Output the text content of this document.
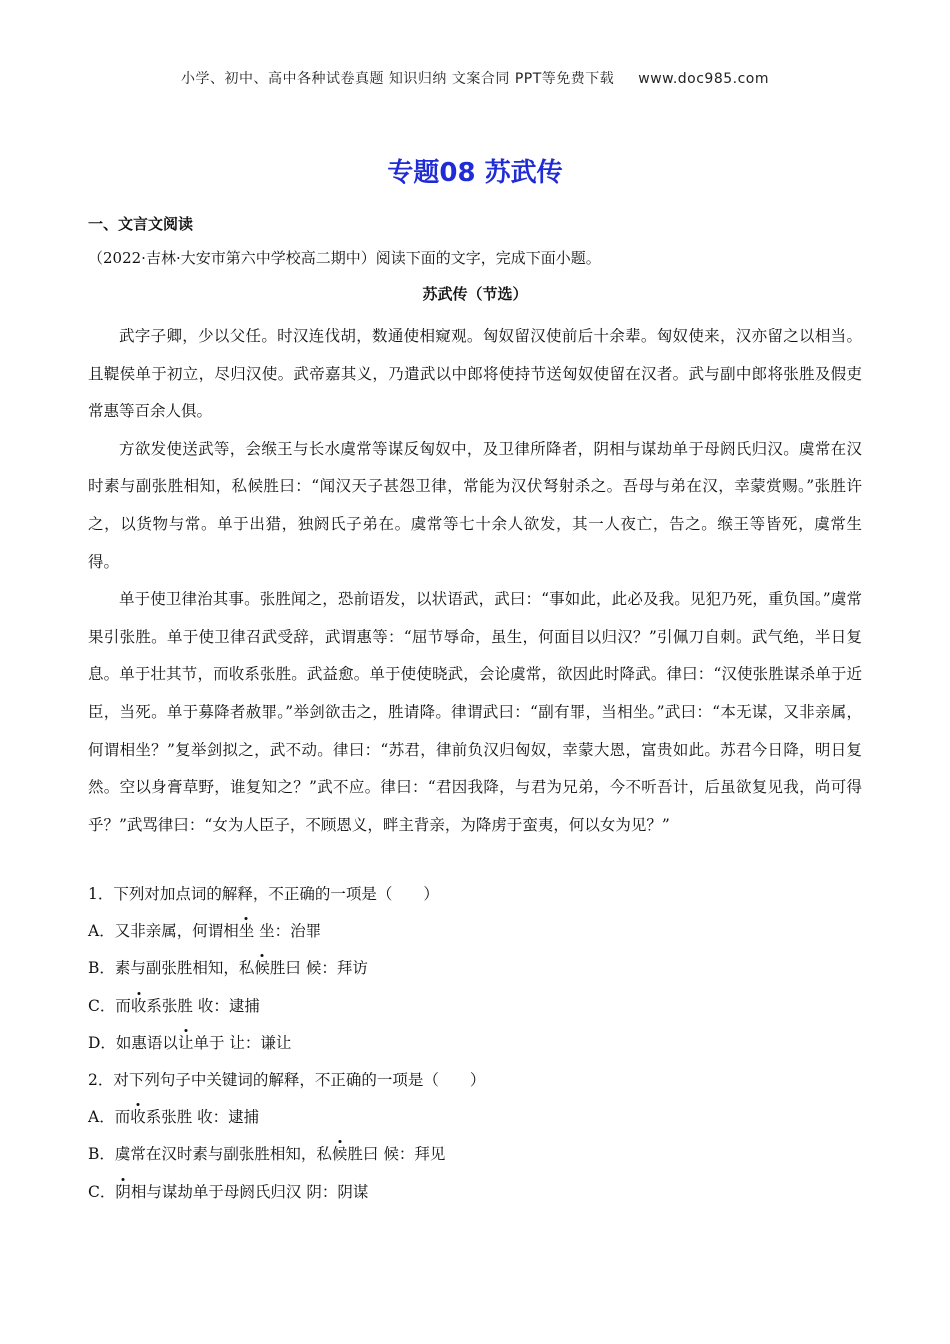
小学、初中、高中各种试卷真题 知识归纳 文案合同 PPT等免费下载 www.doc985.com
专题08 苏武传
一、文言文阅读
（2022·吉林·大安市第六中学校高二期中）阅读下面的文字，完成下面小题。
苏武传（节选）

武字子卿，少以父任。时汉连伐胡，数通使相窥观。匈奴留汉使前后十余辈。匈奴使来，汉亦留之以相当。且鞮侯单于初立，尽归汉使。武帝嘉其义，乃遣武以中郎将使持节送匈奴使留在汉者。武与副中郎将张胜及假吏常惠等百余人俱。

方欲发使送武等，会缑王与长水虞常等谋反匈奴中，及卫律所降者，阴相与谋劫单于母阏氏归汉。虞常在汉时素与副张胜相知，私候胜曰：“闻汉天子甚怨卫律，常能为汉伏弩射杀之。吾母与弟在汉，幸蒙赏赐。”张胜许之，以货物与常。单于出猎，独阏氏子弟在。虞常等七十余人欲发，其一人夜亡，告之。缑王等皆死，虞常生得。

单于使卫律治其事。张胜闻之，恐前语发，以状语武，武曰：“事如此，此必及我。见犯乃死，重负国。”虞常果引张胜。单于使卫律召武受辞，武谓惠等：“屈节辱命，虽生，何面目以归汉？”引佩刀自刺。武气绝，半日复息。单于壮其节，而收系张胜。武益愈。单于使使晓武，会论虞常，欲因此时降武。律曰：“汉使张胜谋杀单于近臣，当死。单于募降者赦罪。”举剑欲击之，胜请降。律谓武曰：“副有罪，当相坐。”武曰：“本无谋，又非亲属，何谓相坐？”复举剑拟之，武不动。律曰：“苏君，律前负汉归匈奴，幸蒙大恩，富贵如此。苏君今日降，明日复然。空以身膏草野，谁复知之？”武不应。律曰：“君因我降，与君为兄弟，今不听吾计，后虽欲复见我，尚可得乎？”武骂律曰：“女为人臣子，不顾恩义，畔主背亲，为降虏于蛮夷，何以女为见？”

1．下列对加点词的解释，不正确的一项是（　　）
A．又非亲属，何谓相坐 坐：治罪
B．素与副张胜相知，私候胜曰 候：拜访
C．而收系张胜 收：逮捕
D．如惠语以让单于 让：谦让
2．对下列句子中关键词的解释，不正确的一项是（　　）
A．而收系张胜 收：逮捕
B．虞常在汉时素与副张胜相知，私候胜曰 候：拜见
C．阴相与谋劫单于母阏氏归汉 阴：阴谋
